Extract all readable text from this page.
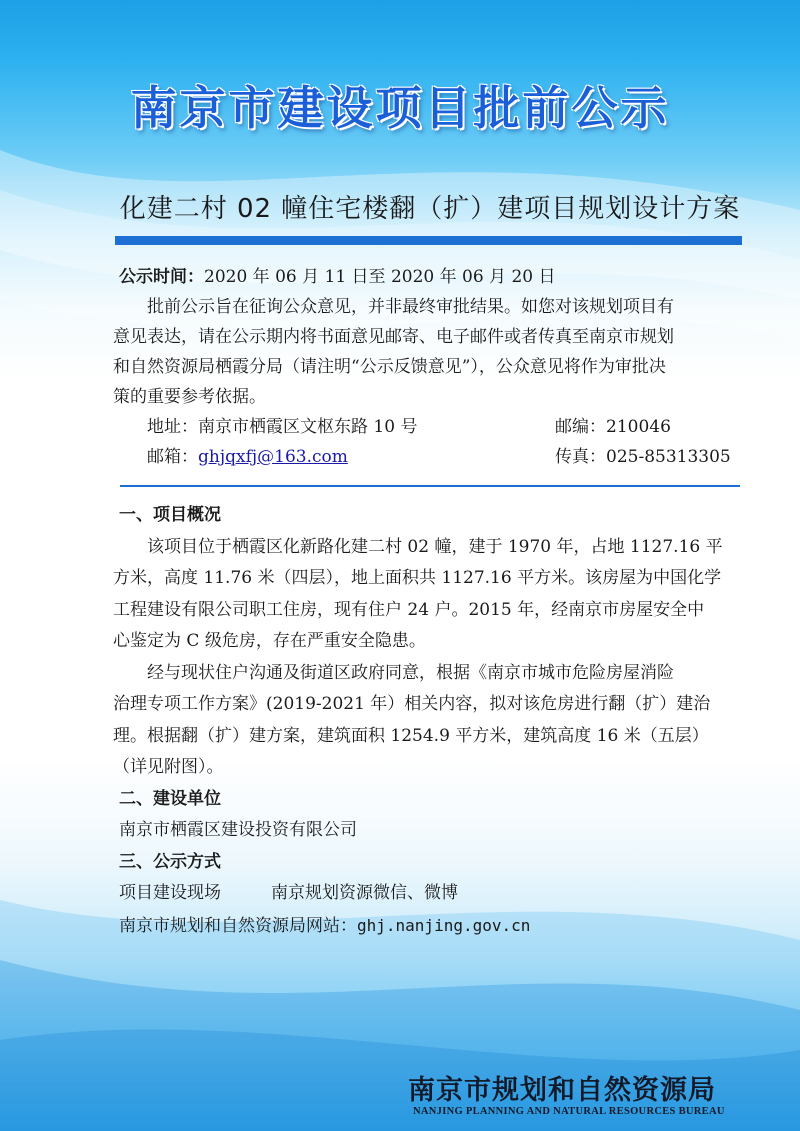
南京市建设项目批前公示
化建二村 02 幢住宅楼翻（扩）建项目规划设计方案
公示时间：2020 年 06 月 11 日至 2020 年 06 月 20 日
批前公示旨在征询公众意见，并非最终审批结果。如您对该规划项目有
意见表达，请在公示期内将书面意见邮寄、电子邮件或者传真至南京市规划
和自然资源局栖霞分局（请注明“公示反馈意见”），公众意见将作为审批决
策的重要参考依据。
地址：南京市栖霞区文枢东路 10 号	邮编：210046
邮箱：ghjqxfj@163.com	传真：025-85313305
一、项目概况
该项目位于栖霞区化新路化建二村 02 幢，建于 1970 年，占地 1127.16 平
方米，高度 11.76 米（四层），地上面积共 1127.16 平方米。该房屋为中国化学
工程建设有限公司职工住房，现有住户 24 户。2015 年，经南京市房屋安全中
心鉴定为 C 级危房，存在严重安全隐患。
经与现状住户沟通及街道区政府同意，根据《南京市城市危险房屋消险
治理专项工作方案》(2019-2021 年）相关内容，拟对该危房进行翻（扩）建治
理。根据翻（扩）建方案，建筑面积 1254.9 平方米，建筑高度 16 米（五层）
（详见附图）。
二、建设单位
南京市栖霞区建设投资有限公司
三、公示方式
项目建设现场	南京规划资源微信、微博
南京市规划和自然资源局网站：ghj.nanjing.gov.cn
南京市规划和自然资源局
NANJING PLANNING AND NATURAL RESOURCES BUREAU
